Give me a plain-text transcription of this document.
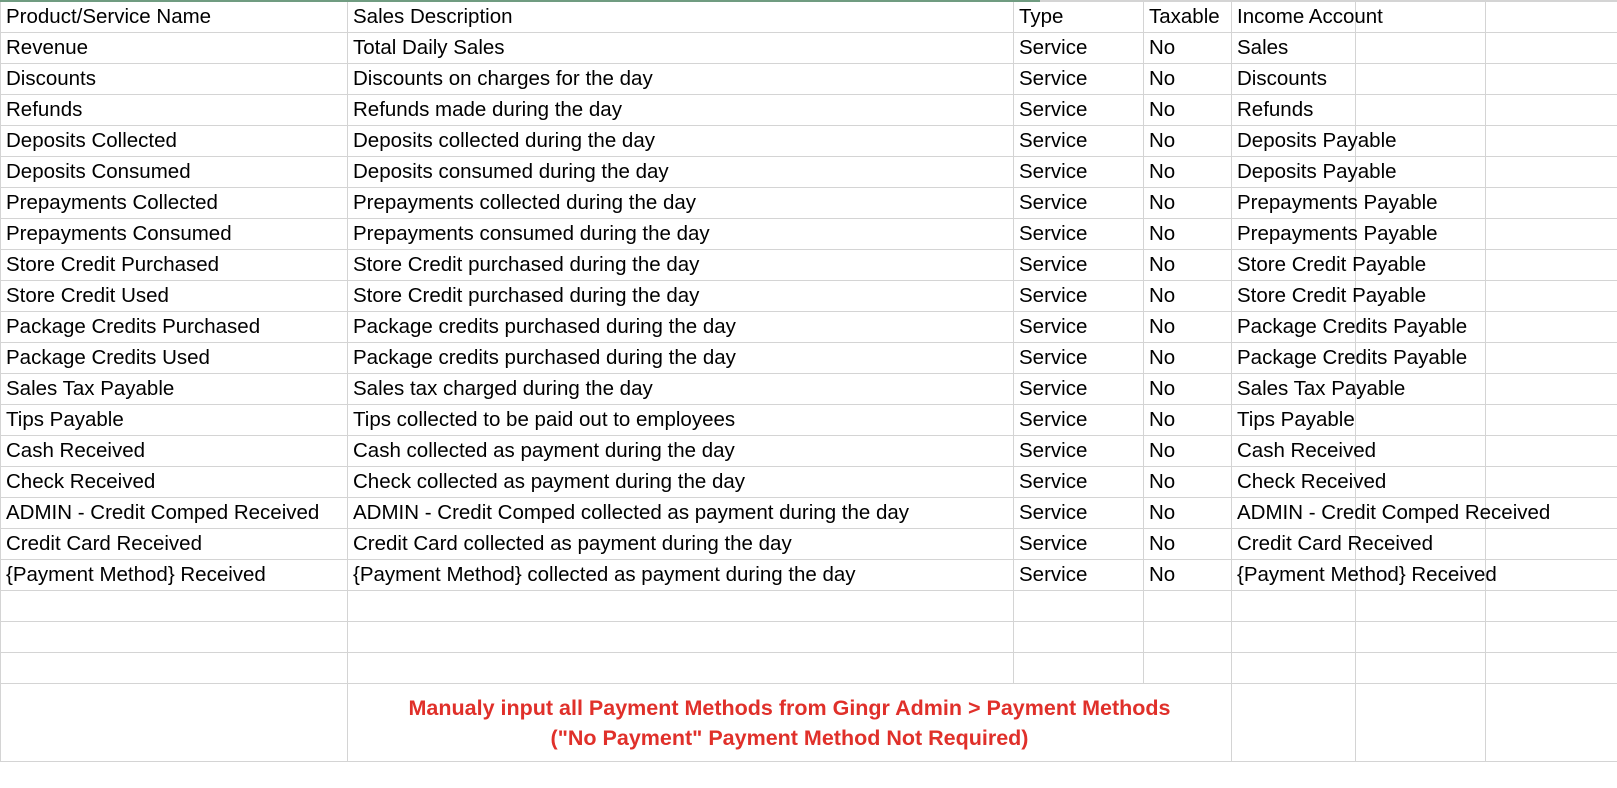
Product/Service Name	Sales Description	Type	Taxable	Income Account		
Revenue	Total Daily Sales	Service	No	Sales		
Discounts	Discounts on charges for the day	Service	No	Discounts		
Refunds	Refunds made during the day	Service	No	Refunds		
Deposits Collected	Deposits collected during the day	Service	No	Deposits Payable		
Deposits Consumed	Deposits consumed during the day	Service	No	Deposits Payable		
Prepayments Collected	Prepayments collected during the day	Service	No	Prepayments Payable		
Prepayments Consumed	Prepayments consumed during the day	Service	No	Prepayments Payable		
Store Credit Purchased	Store Credit purchased during the day	Service	No	Store Credit Payable		
Store Credit Used	Store Credit purchased during the day	Service	No	Store Credit Payable		
Package Credits Purchased	Package credits purchased during the day	Service	No	Package Credits Payable		
Package Credits Used	Package credits purchased during the day	Service	No	Package Credits Payable		
Sales Tax Payable	Sales tax charged during the day	Service	No	Sales Tax Payable		
Tips Payable	Tips collected to be paid out to employees	Service	No	Tips Payable		
Cash Received	Cash collected as payment during the day	Service	No	Cash Received		
Check Received	Check collected as payment during the day	Service	No	Check Received		
ADMIN - Credit Comped Received	ADMIN - Credit Comped collected as payment during the day	Service	No	ADMIN - Credit Comped Received		
Credit Card Received	Credit Card collected as payment during the day	Service	No	Credit Card Received		
{Payment Method} Received	{Payment Method} collected as payment during the day	Service	No	{Payment Method} Received		

	Manualy input all Payment Methods from Gingr Admin > Payment Methods
("No Payment" Payment Method Not Required)					
